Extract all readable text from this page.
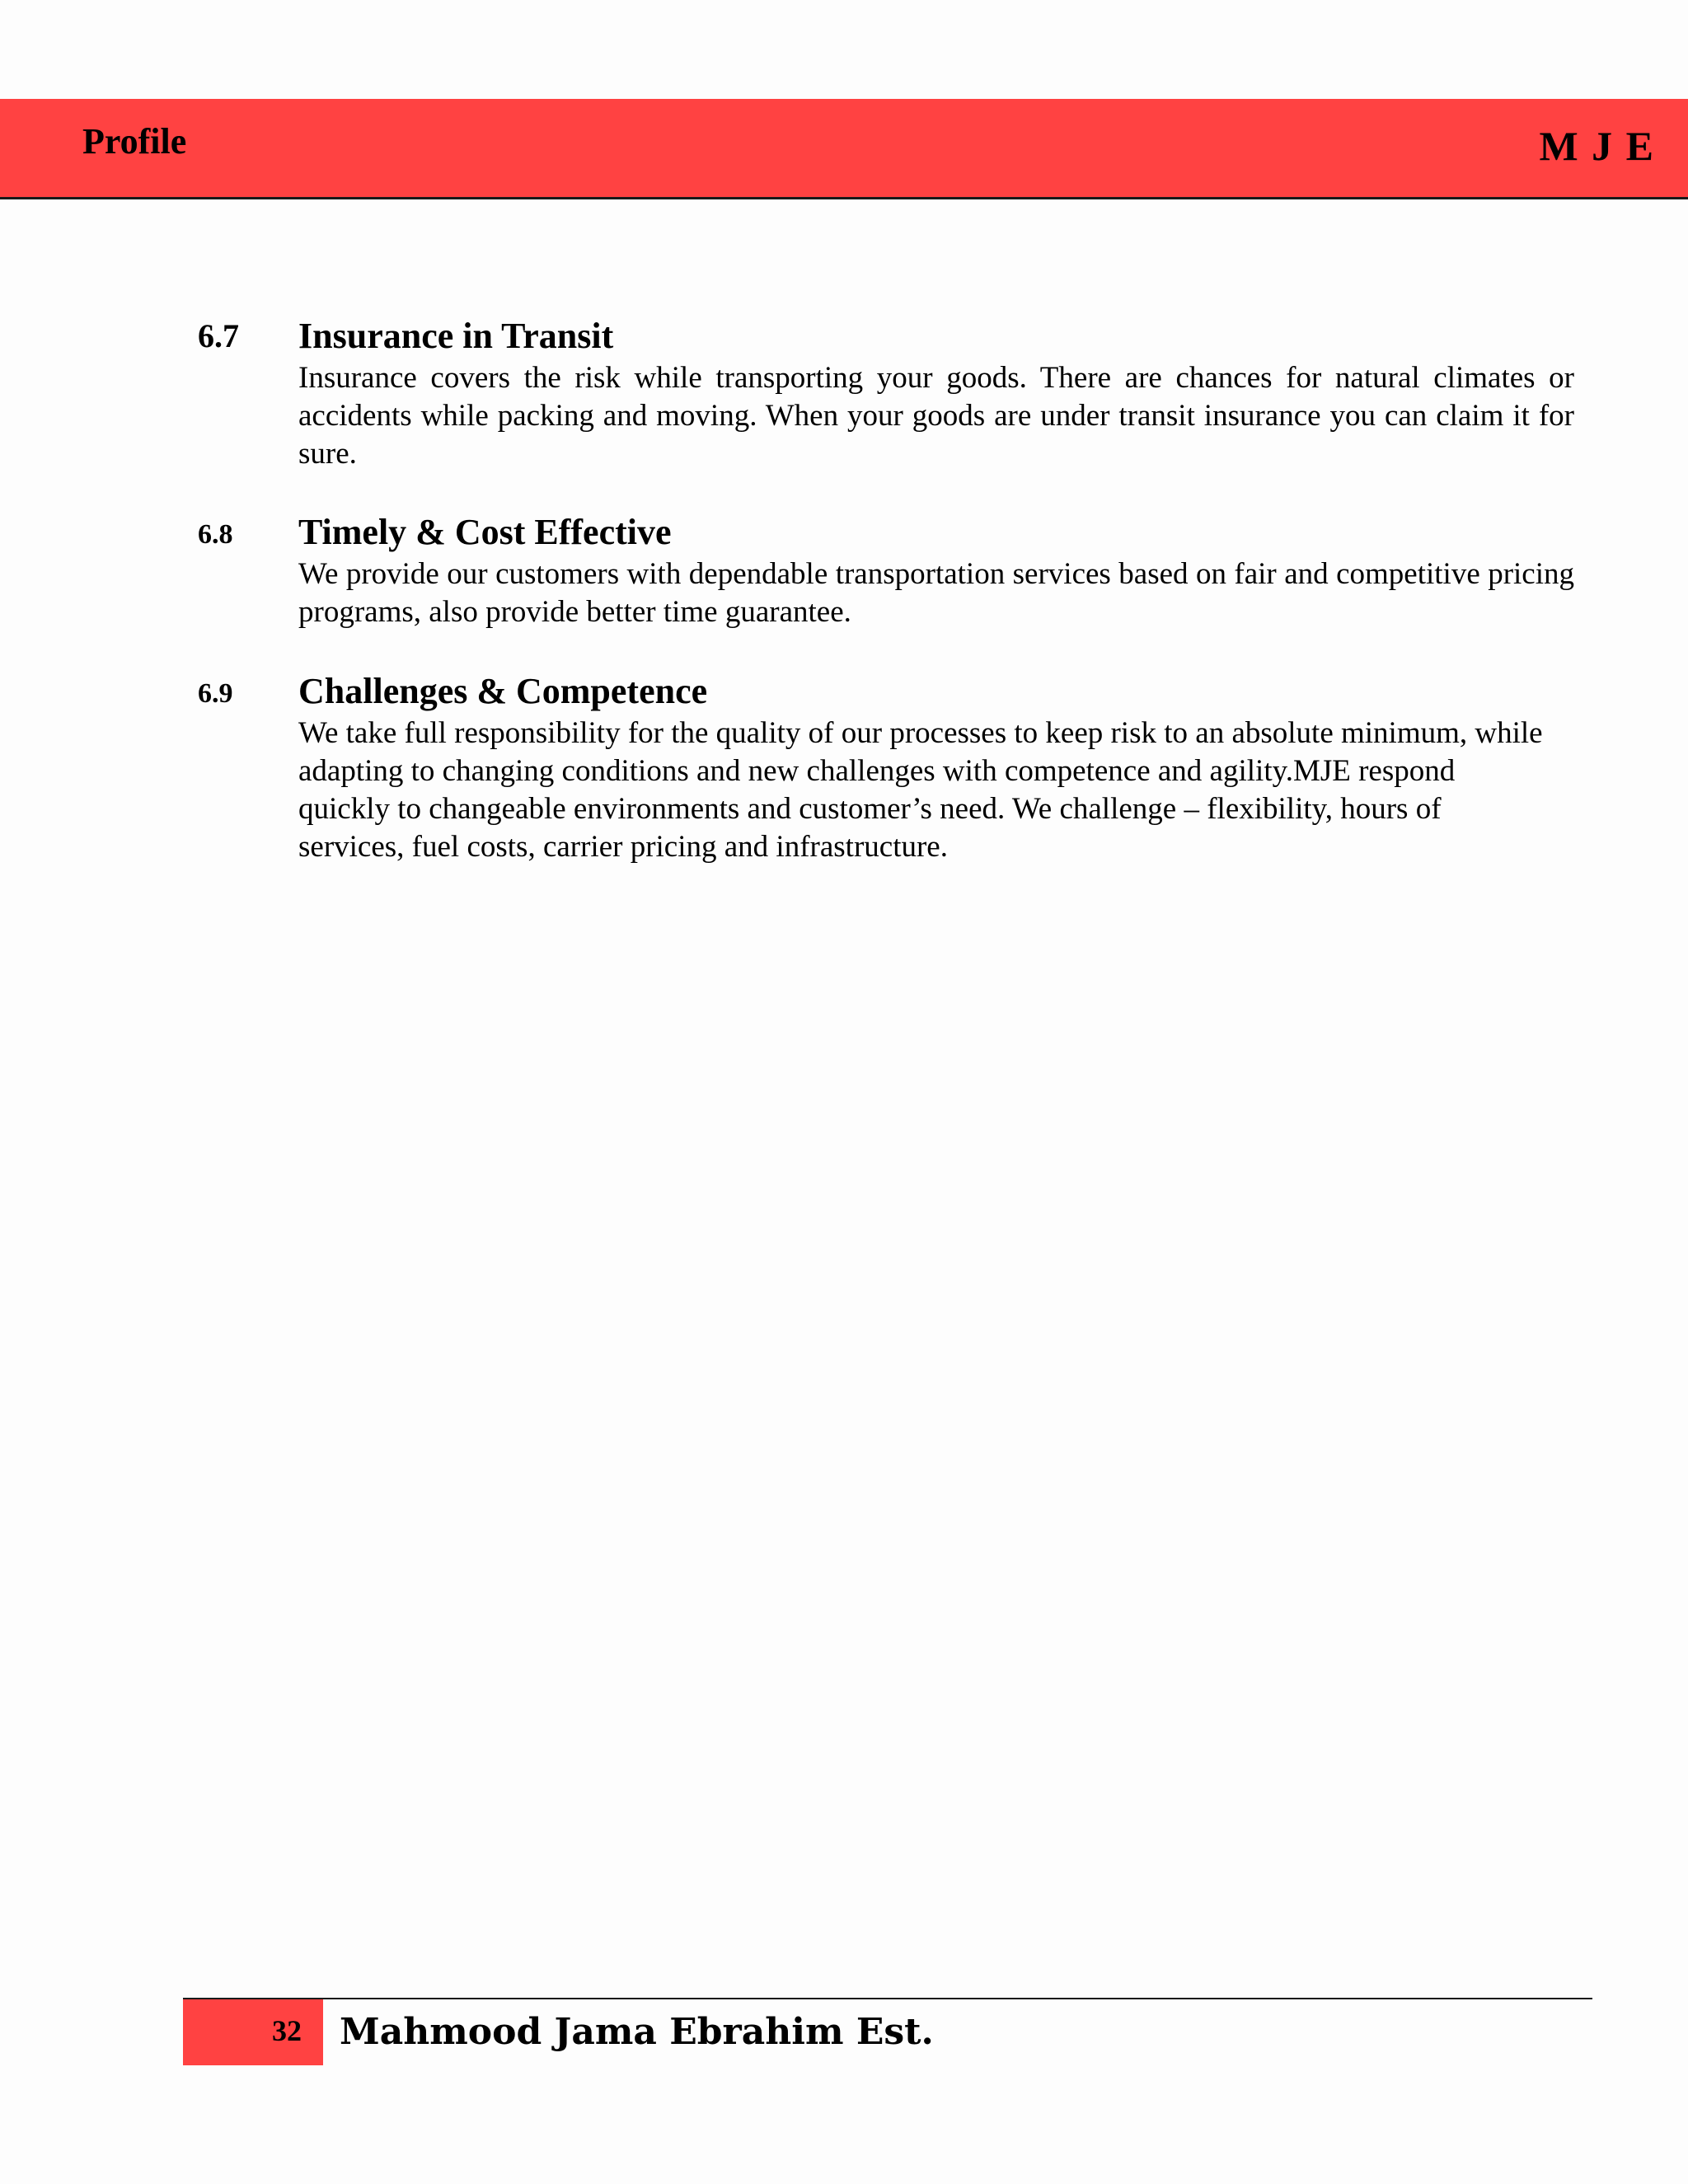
Profile	M J E
6.7 Insurance in Transit
Insurance covers the risk while transporting your goods. There are chances for natural climates or accidents while packing and moving. When your goods are under transit insurance you can claim it for sure.
6.8 Timely & Cost Effective
We provide our customers with dependable transportation services based on fair and competitive pricing programs, also provide better time guarantee.
6.9 Challenges & Competence
We take full responsibility for the quality of our processes to keep risk to an absolute minimum, while adapting to changing conditions and new challenges with competence and agility.MJE respond quickly to changeable environments and customer’s need. We challenge – flexibility, hours of services, fuel costs, carrier pricing and infrastructure.
32 Mahmood Jama Ebrahim Est.
